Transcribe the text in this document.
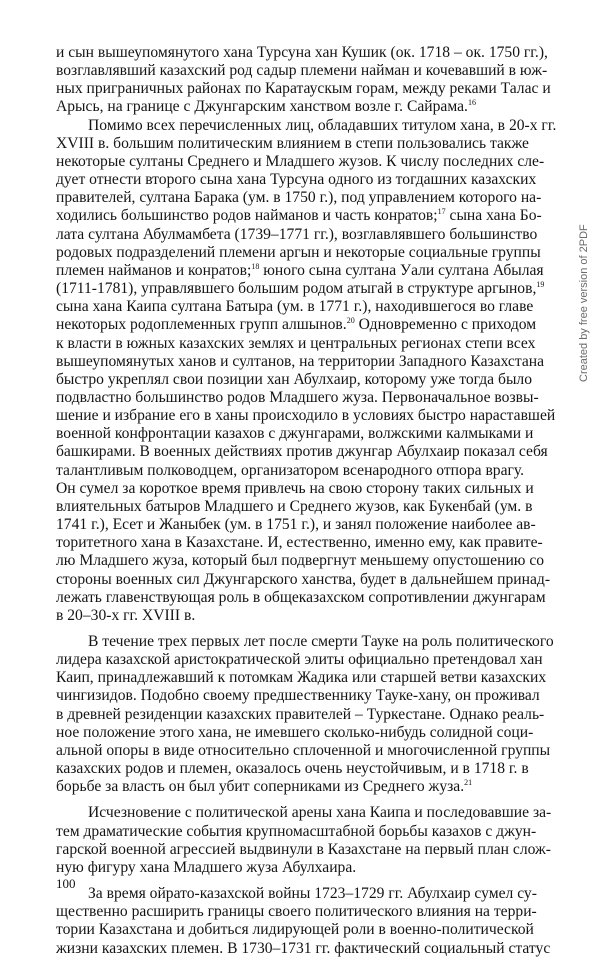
и сын вышеупомянутого хана Турсуна хан Кушик (ок. 1718 – ок. 1750 гг.),
возглавлявший казахский род садыр племени найман и кочевавший в юж-
ных приграничных районах по Каратаускым горам, между реками Талас и
Арысь, на границе с Джунгарским ханством возле г. Сайрама.$^{16}$
Помимо всех перечисленных лиц, обладавших титулом хана, в 20-х гг.
XVIII в. большим политическим влиянием в степи пользовались также
некоторые султаны Среднего и Младшего жузов. К числу последних сле-
дует отнести второго сына хана Турсуна одного из тогдашних казахских
правителей, султана Барака (ум. в 1750 г.), под управлением которого на-
ходились большинство родов найманов и часть конратов;$^{17}$ сына хана Бо-
лата султана Абулмамбета (1739–1771 гг.), возглавлявшего большинство
родовых подразделений племени аргын и некоторые социальные группы
племен найманов и конратов;$^{18}$ юного сына султана Уали султана Абылая
(1711-1781), управлявшего большим родом атыгай в структуре аргынов,$^{19}$
сына хана Каипа султана Батыра (ум. в 1771 г.), находившегося во главе
некоторых родоплеменных групп алшынов.$^{20}$ Одновременно с приходом
к власти в южных казахских землях и центральных регионах степи всех
вышеупомянутых ханов и султанов, на территории Западного Казахстана
быстро укреплял свои позиции хан Абулхаир, которому уже тогда было
подвластно большинство родов Младшего жуза. Первоначальное возвы-
шение и избрание его в ханы происходило в условиях быстро нараставшей
военной конфронтации казахов с джунгарами, волжскими калмыками и
башкирами. В военных действиях против джунгар Абулхаир показал себя
талантливым полководцем, организатором всенародного отпора врагу.
Он сумел за короткое время привлечь на свою сторону таких сильных и
влиятельных батыров Младшего и Среднего жузов, как Букенбай (ум. в
1741 г.), Есет и Жаныбек (ум. в 1751 г.), и занял положение наиболее ав-
торитетного хана в Казахстане. И, естественно, именно ему, как правите-
лю Младшего жуза, который был подвергнут меньшему опустошению со
стороны военных сил Джунгарского ханства, будет в дальнейшем принад-
лежать главенствующая роль в общеказахском сопротивлении джунгарам
в 20–30-х гг. XVIII в.
В течение трех первых лет после смерти Тауке на роль политического
лидера казахской аристократической элиты официально претендовал хан
Каип, принадлежавший к потомкам Жадика или старшей ветви казахских
чингизидов. Подобно своему предшественнику Тауке-хану, он проживал
в древней резиденции казахских правителей – Туркестане. Однако реаль-
ное положение этого хана, не имевшего сколько-нибудь солидной соци-
альной опоры в виде относительно сплоченной и многочисленной группы
казахских родов и племен, оказалось очень неустойчивым, и в 1718 г. в
борьбе за власть он был убит соперниками из Среднего жуза.$^{21}$
Исчезновение с политической арены хана Каипа и последовавшие за-
тем драматические события крупномасштабной борьбы казахов с джун-
гарской военной агрессией выдвинули в Казахстане на первый план слож-
ную фигуру хана Младшего жуза Абулхаира.
За время ойрато-казахской войны 1723–1729 гг. Абулхаир сумел су-
щественно расширить границы своего политического влияния на терри-
тории Казахстана и добиться лидирующей роли в военно-политической
жизни казахских племен. В 1730–1731 гг. фактический социальный статус
100
Created by free version of 2PDF
